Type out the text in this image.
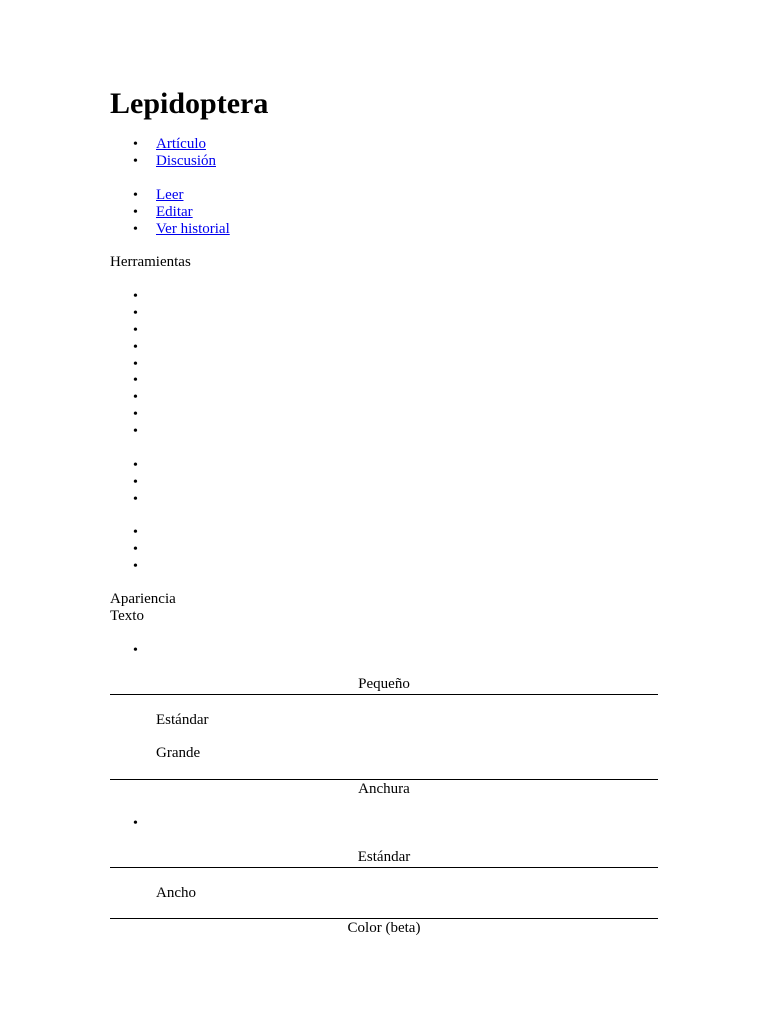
Lepidoptera
• Artículo
• Discusión
• Leer
• Editar
• Ver historial
Herramientas
•
•
•
•
•
•
•
•
•
•
•
•
•
•
•
Apariencia
Texto
•
Pequeño
Estándar
Grande
Anchura
•
Estándar
Ancho
Color (beta)
